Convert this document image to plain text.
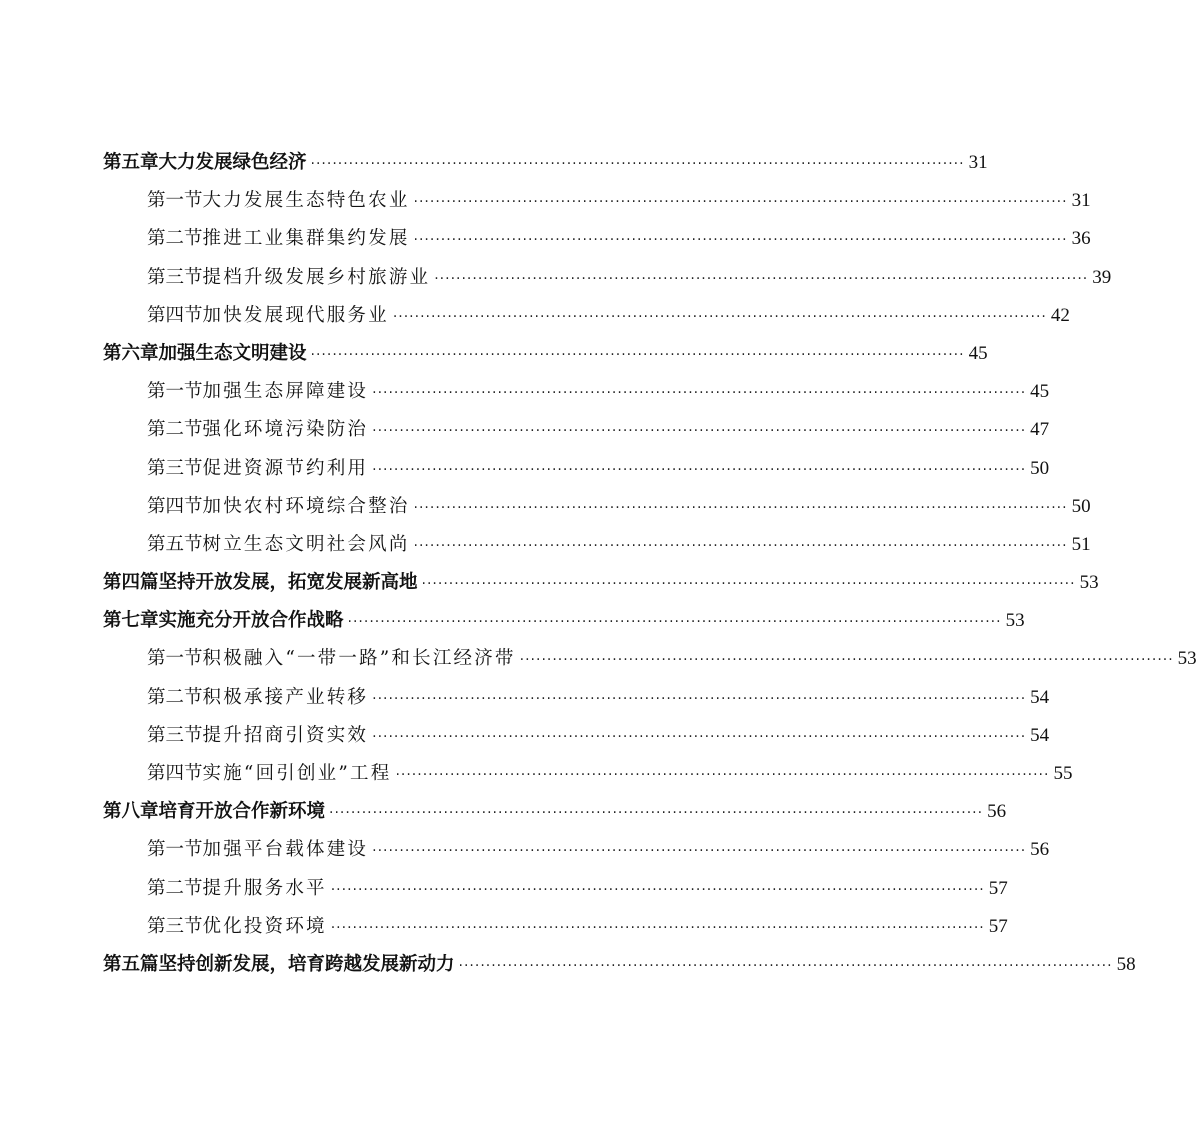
第五章 大力发展绿色经济 ························································································································ 31
第一节 大力发展生态特色农业 ························································································································ 31
第二节 推进工业集群集约发展 ························································································································ 36
第三节 提档升级发展乡村旅游业 ························································································································ 39
第四节 加快发展现代服务业 ························································································································ 42
第六章 加强生态文明建设 ························································································································ 45
第一节 加强生态屏障建设 ························································································································ 45
第二节 强化环境污染防治 ························································································································ 47
第三节 促进资源节约利用 ························································································································ 50
第四节 加快农村环境综合整治 ························································································································ 50
第五节 树立生态文明社会风尚 ························································································································ 51
第四篇 坚持开放发展，拓宽发展新高地 ························································································································ 53
第七章 实施充分开放合作战略 ························································································································ 53
第一节 积极融入“一带一路”和长江经济带 ························································································································ 53
第二节 积极承接产业转移 ························································································································ 54
第三节 提升招商引资实效 ························································································································ 54
第四节 实施“回引创业”工程 ························································································································ 55
第八章 培育开放合作新环境 ························································································································ 56
第一节 加强平台载体建设 ························································································································ 56
第二节 提升服务水平 ························································································································ 57
第三节 优化投资环境 ························································································································ 57
第五篇 坚持创新发展，培育跨越发展新动力 ························································································································ 58
